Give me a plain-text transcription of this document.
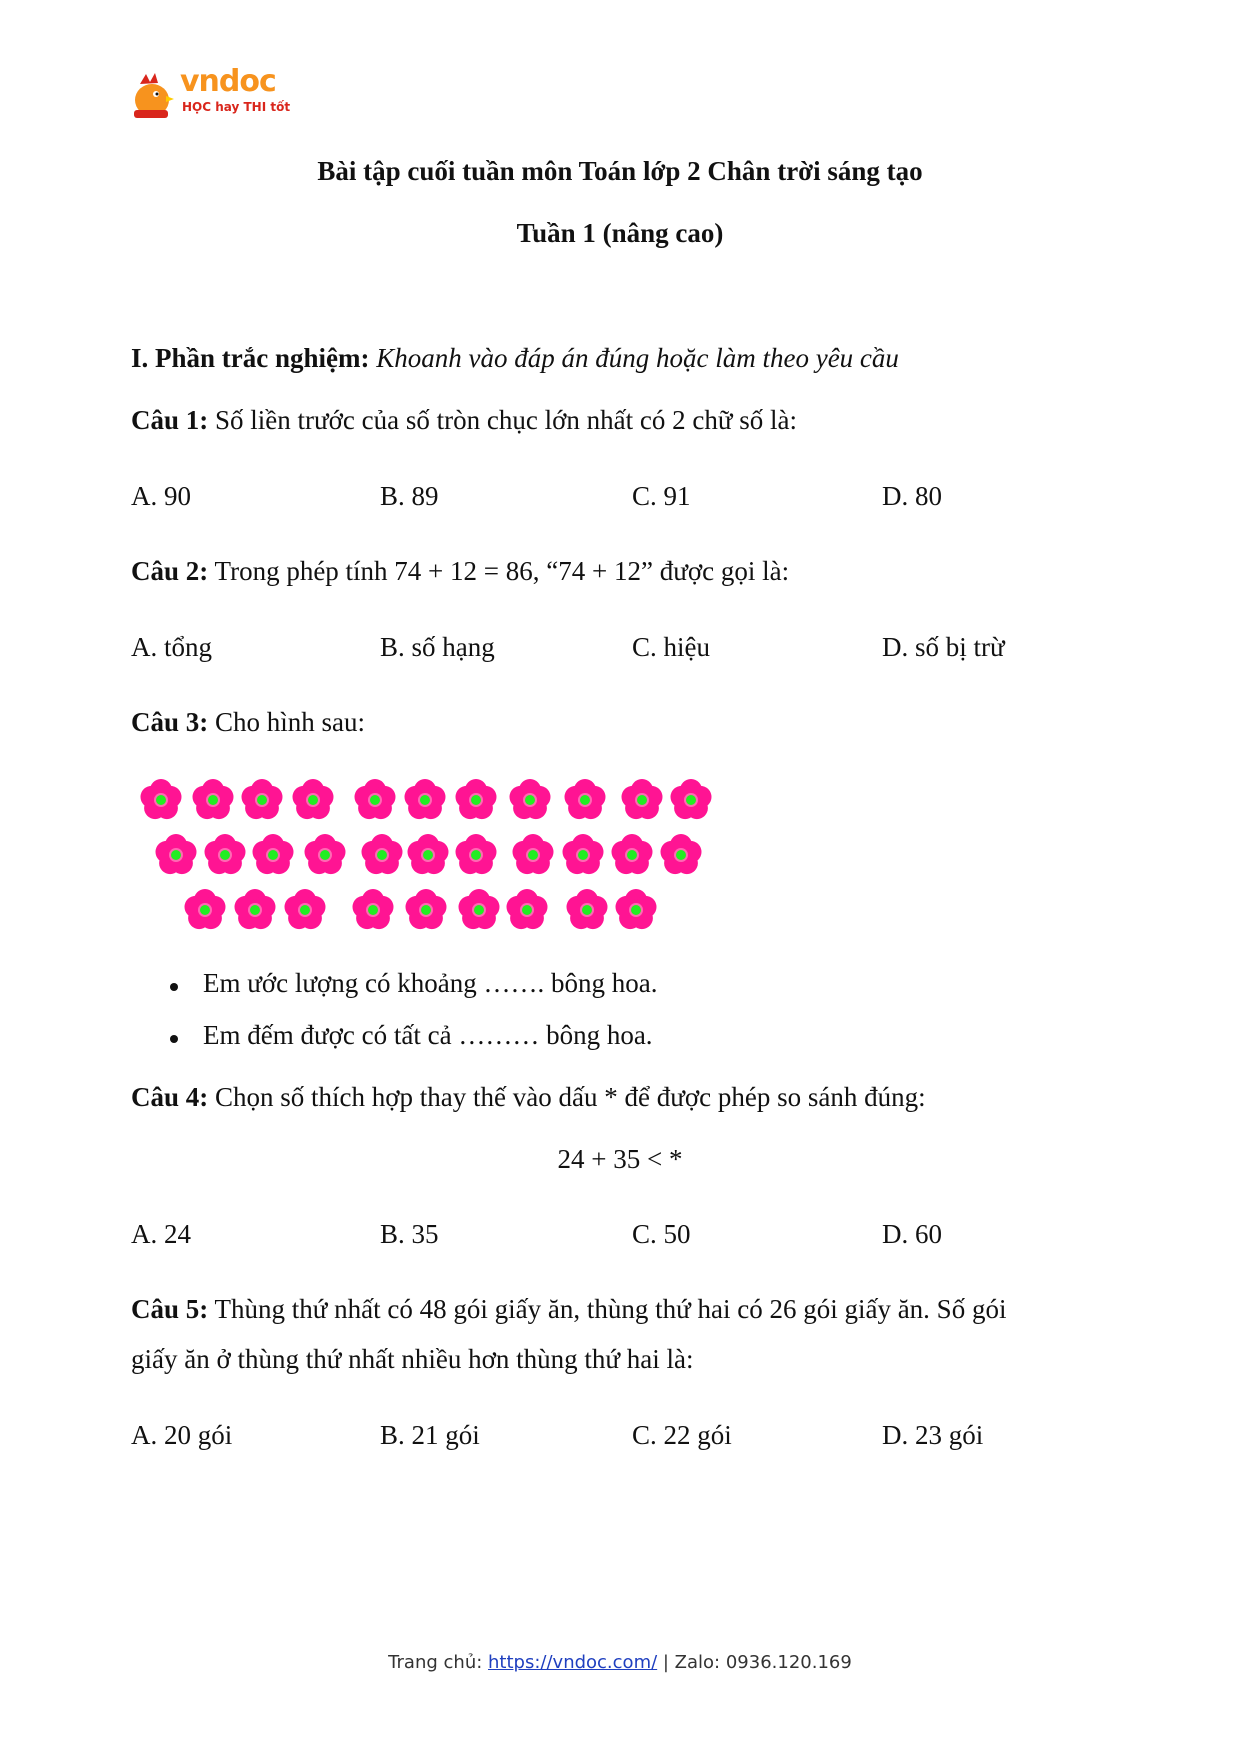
vndoc
HỌC hay THI tốt
Bài tập cuối tuần môn Toán lớp 2 Chân trời sáng tạo
Tuần 1 (nâng cao)
I. Phần trắc nghiệm: Khoanh vào đáp án đúng hoặc làm theo yêu cầu
Câu 1: Số liền trước của số tròn chục lớn nhất có 2 chữ số là:
A. 90	B. 89	C. 91	D. 80
Câu 2: Trong phép tính 74 + 12 = 86, “74 + 12” được gọi là:
A. tổng	B. số hạng	C. hiệu	D. số bị trừ
Câu 3: Cho hình sau:
Em ước lượng có khoảng ……. bông hoa.
Em đếm được có tất cả ……… bông hoa.
Câu 4: Chọn số thích hợp thay thế vào dấu * để được phép so sánh đúng:
24 + 35 < *
A. 24	B. 35	C. 50	D. 60
Câu 5: Thùng thứ nhất có 48 gói giấy ăn, thùng thứ hai có 26 gói giấy ăn. Số gói
giấy ăn ở thùng thứ nhất nhiều hơn thùng thứ hai là:
A. 20 gói	B. 21 gói	C. 22 gói	D. 23 gói
Trang chủ: https://vndoc.com/ | Zalo: 0936.120.169
